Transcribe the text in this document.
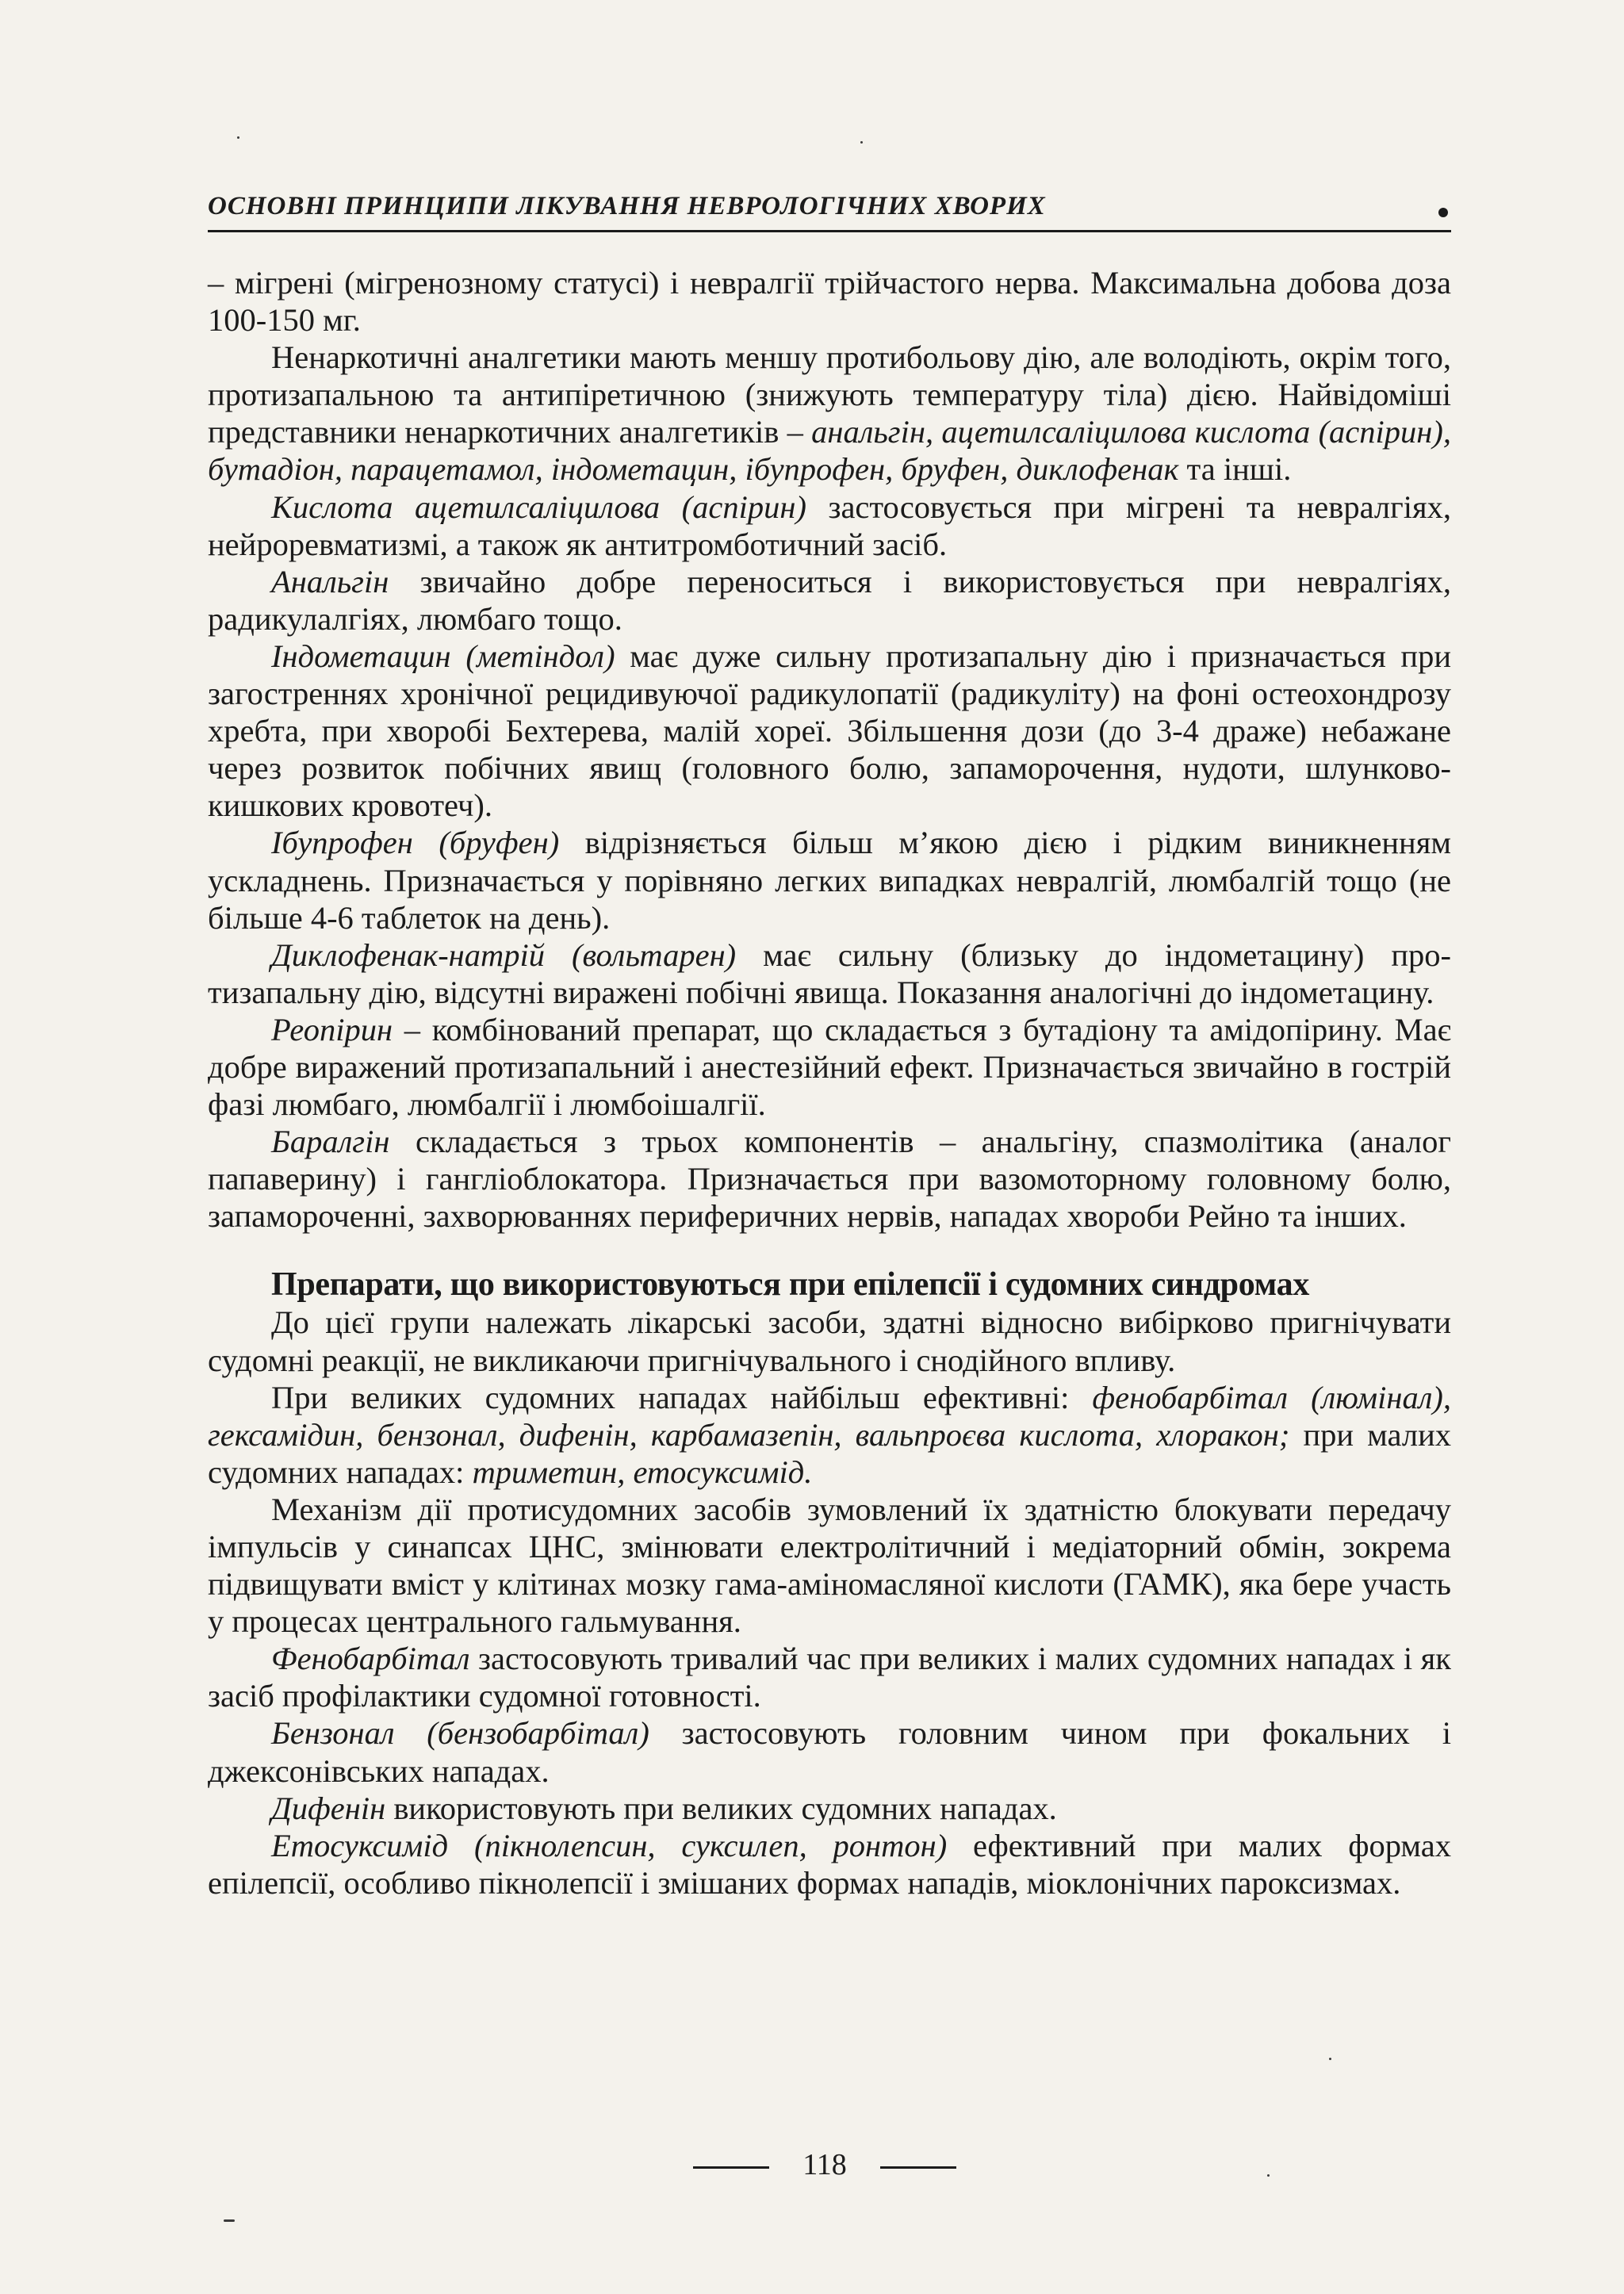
ОСНОВНІ ПРИНЦИПИ ЛІКУВАННЯ НЕВРОЛОГІЧНИХ ХВОРИХ

– мігрені (мігренозному статусі) і невралгії трійчастого нерва. Максимальна добова доза 100-150 мг.

Ненаркотичні аналгетики мають меншу протибольову дію, але володіють, окрім того, протизапальною та антипіретичною (знижують температуру тіла) дією. Найвідоміші представники ненаркотичних аналгетиків – анальгін, ацетилсаліцилова кислота (аспірин), бутадіон, парацетамол, індометацин, ібупрофен, бруфен, диклофенак та інші.

Кислота ацетилсаліцилова (аспірин) застосовується при мігрені та невралгіях, нейроревматизмі, а також як антитромботичний засіб.

Анальгін звичайно добре переноситься і використовується при невралгіях, радикулалгіях, люмбаго тощо.

Індометацин (метіндол) має дуже сильну протизапальну дію і призначається при загостреннях хронічної рецидивуючої радикулопатії (радикуліту) на фоні остеохондрозу хребта, при хворобі Бехтерева, малій хореї. Збільшення дози (до 3-4 драже) небажане через розвиток побічних явищ (головного болю, запаморочення, нудоти, шлунково-кишкових кровотеч).

Ібупрофен (бруфен) відрізняється більш м’якою дією і рідким виникненням ускладнень. Призначається у порівняно легких випадках невралгій, люмбалгій тощо (не більше 4-6 таблеток на день).

Диклофенак-натрій (вольтарен) має сильну (близьку до індометацину) протизапальну дію, відсутні виражені побічні явища. Показання аналогічні до індометацину.

Реопірин – комбінований препарат, що складається з бутадіону та амідопірину. Має добре виражений протизапальний і анестезійний ефект. Призначається звичайно в гострій фазі люмбаго, люмбалгії і люмбоішалгії.

Баралгін складається з трьох компонентів – анальгіну, спазмолітика (аналог папаверину) і гангліоблокатора. Призначається при вазомоторному головному болю, запамороченні, захворюваннях периферичних нервів, нападах хвороби Рейно та інших.

Препарати, що використовуються при епілепсії і судомних синдромах

До цієї групи належать лікарські засоби, здатні відносно вибірково пригнічувати судомні реакції, не викликаючи пригнічувального і снодійного впливу.

При великих судомних нападах найбільш ефективні: фенобарбітал (люмінал), гексамідин, бензонал, дифенін, карбамазепін, вальпроєва кислота, хлоракон; при малих судомних нападах: триметин, етосуксимід.

Механізм дії протисудомних засобів зумовлений їх здатністю блокувати передачу імпульсів у синапсах ЦНС, змінювати електролітичний і медіаторний обмін, зокрема підвищувати вміст у клітинах мозку гама-аміномасляної кислоти (ГАМК), яка бере участь у процесах центрального гальмування.

Фенобарбітал застосовують тривалий час при великих і малих судомних нападах і як засіб профілактики судомної готовності.

Бензонал (бензобарбітал) застосовують головним чином при фокальних і джексонівських нападах.

Дифенін використовують при великих судомних нападах.

Етосуксимід (пікнолепсин, суксилеп, ронтон) ефективний при малих формах епілепсії, особливо пікнолепсії і змішаних формах нападів, міоклонічних пароксизмах.

118
